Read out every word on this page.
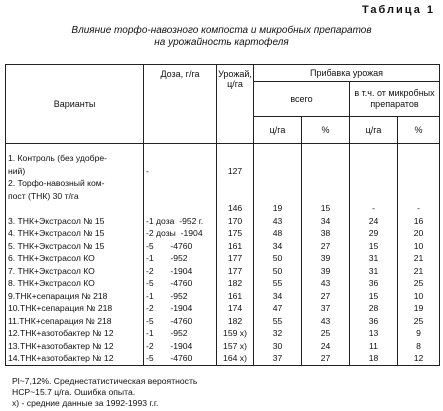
Таблица 1
Влияние торфо-навозного компоста и микробных препаратов
на урожайность картофеля
Варианты	Доза, г/га	Урожай, ц/га	Прибавка урожая			
			всего		в т.ч. от микробных препаратов	
			ц/га	%	ц/га	%
1. Контроль (без удобре-						
ний)	-	127				
2. Торфо-навозный ком-						
пост (ТНК) 30 т/га						
		146	19	15	-	-
3. ТНК+Экстрасол № 15	-1 доза  -952 г.	170	43	34	24	16
4. ТНК+Экстрасол № 15	-2 дозы  -1904	175	48	38	29	20
5. ТНК+Экстрасол № 15	-5       -4760	161	34	27	15	10
6. ТНК+Экстрасол КО	-1       -952	177	50	39	31	21
7. ТНК+Экстрасол КО	-2       -1904	177	50	39	31	21
8. ТНК+Экстрасол КО	-5       -4760	182	55	43	36	25
9.ТНК+сепарация № 218	-1       -952	161	34	27	15	10
10.ТНК+сепарация № 218	-2       -1904	174	47	37	28	19
11.ТНК+сепарация № 218	-5       -4760	182	55	43	36	25
12.ТНК+азотобактер № 12	-1       -952	159 x)	32	25	13	9
13.ТНК+азотобактер № 12	-2       -1904	157 x)	30	24	11	8
14.ТНК+азотобактер № 12	-5       -4760	164 x)	37	27	18	12
Pl~7,12%. Среднестатистическая вероятность
НСР~15.7 ц/га. Ошибка опыта.
х) - средние данные за 1992-1993 г.г.
